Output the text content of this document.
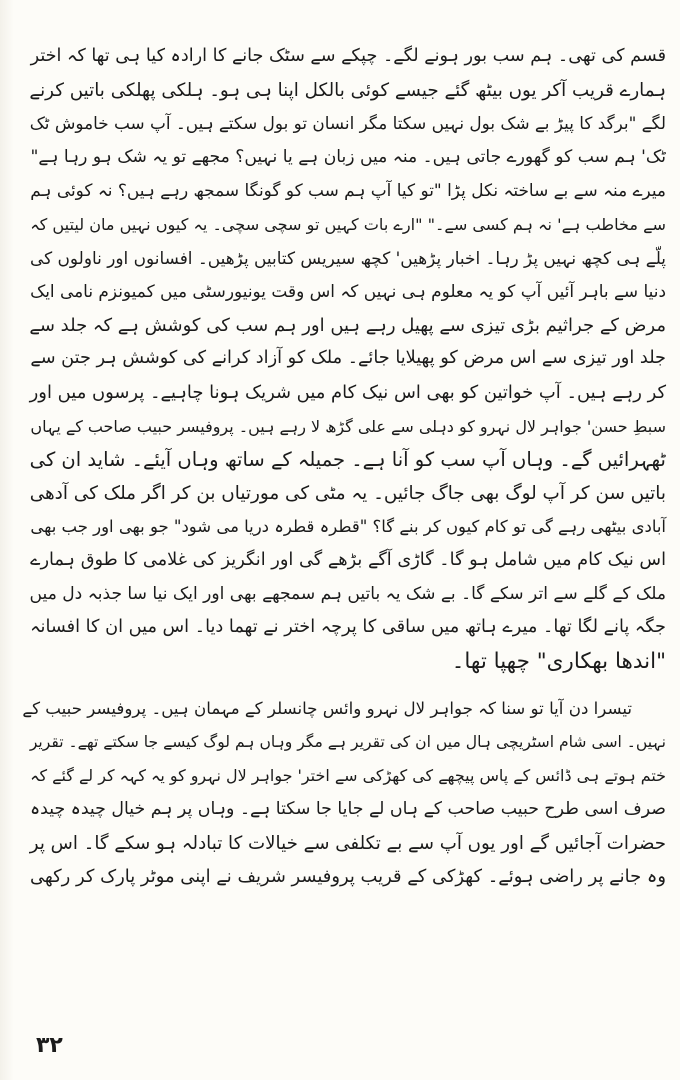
قسم کی تھی۔ ہم سب بور ہونے لگے۔ چپکے سے سٹک جانے کا ارادہ کیا ہی تھا کہ اختر
ہمارے قریب آکر یوں بیٹھ گئے جیسے کوئی بالکل اپنا ہی ہو۔ ہلکی پھلکی باتیں کرنے
لگے "برگد کا پیڑ بے شک بول نہیں سکتا مگر انسان تو بول سکتے ہیں۔ آپ سب خاموش ٹک
ٹک' ہم سب کو گھورے جاتی ہیں۔ منہ میں زبان ہے یا نہیں؟ مجھے تو یہ شک ہو رہا ہے"
میرے منہ سے بے ساختہ نکل پڑا "تو کیا آپ ہم سب کو گونگا سمجھ رہے ہیں؟ نہ کوئی ہم
سے مخاطب ہے' نہ ہم کسی سے۔" "ارے بات کہیں تو سچی سچی۔ یہ کیوں نہیں مان لیتیں کہ
پلّے ہی کچھ نہیں پڑ رہا۔ اخبار پڑھیں' کچھ سیریس کتابیں پڑھیں۔ افسانوں اور ناولوں کی
دنیا سے باہر آئیں آپ کو یہ معلوم ہی نہیں کہ اس وقت یونیورسٹی میں کمیونزم نامی ایک
مرض کے جراثیم بڑی تیزی سے پھیل رہے ہیں اور ہم سب کی کوشش ہے کہ جلد سے
جلد اور تیزی سے اس مرض کو پھیلایا جائے۔ ملک کو آزاد کرانے کی کوشش ہر جتن سے
کر رہے ہیں۔ آپ خواتین کو بھی اس نیک کام میں شریک ہونا چاہیے۔ پرسوں میں اور
سبطِ حسن' جواہر لال نہرو کو دہلی سے علی گڑھ لا رہے ہیں۔ پروفیسر حبیب صاحب کے یہاں
ٹھہرائیں گے۔ وہاں آپ سب کو آنا ہے۔ جمیلہ کے ساتھ وہاں آیئے۔ شاید ان کی
باتیں سن کر آپ لوگ بھی جاگ جائیں۔ یہ مٹی کی مورتیاں بن کر اگر ملک کی آدھی
آبادی بیٹھی رہے گی تو کام کیوں کر بنے گا؟ "قطرہ قطرہ دریا می شود" جو بھی اور جب بھی
اس نیک کام میں شامل ہو گا۔ گاڑی آگے بڑھے گی اور انگریز کی غلامی کا طوق ہمارے
ملک کے گلے سے اتر سکے گا۔ بے شک یہ باتیں ہم سمجھے بھی اور ایک نیا سا جذبہ دل میں
جگہ پانے لگا تھا۔ میرے ہاتھ میں ساقی کا پرچہ اختر نے تھما دیا۔ اس میں ان کا افسانہ
"اندھا بھکاری" چھپا تھا۔

تیسرا دن آیا تو سنا کہ جواہر لال نہرو وائس چانسلر کے مہمان ہیں۔ پروفیسر حبیب کے
نہیں۔ اسی شام اسٹریچی ہال میں ان کی تقریر ہے مگر وہاں ہم لوگ کیسے جا سکتے تھے۔ تقریر
ختم ہوتے ہی ڈائس کے پاس پیچھے کی کھڑکی سے اختر' جواہر لال نہرو کو یہ کہہ کر لے گئے کہ
صرف اسی طرح حبیب صاحب کے ہاں لے جایا جا سکتا ہے۔ وہاں پر ہم خیال چیدہ چیدہ
حضرات آجائیں گے اور یوں آپ سے بے تکلفی سے خیالات کا تبادلہ ہو سکے گا۔ اس پر
وہ جانے پر راضی ہوئے۔ کھڑکی کے قریب پروفیسر شریف نے اپنی موٹر پارک کر رکھی

۳۲
